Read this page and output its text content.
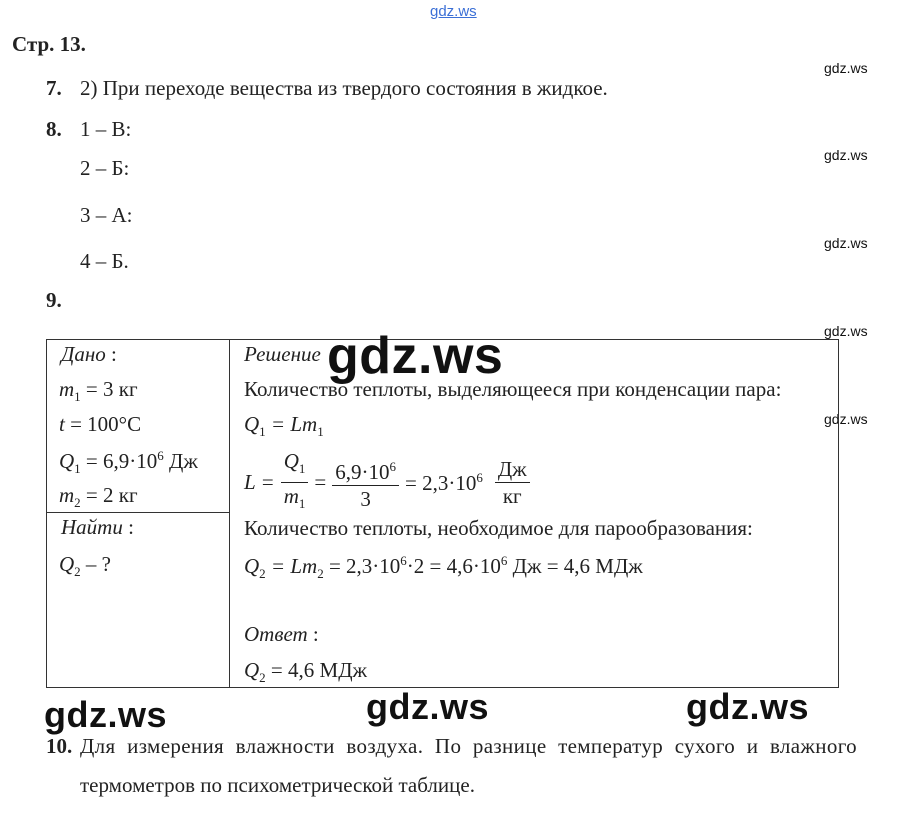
gdz.ws
gdz.ws
gdz.ws
gdz.ws
gdz.ws
gdz.ws
Стр. 13.
7. 2) При переходе вещества из твердого состояния в жидкое.
8. 1 – В:
2 – Б:
3 – А:
4 – Б.
9.
Дано :
$m_1 = 3$ кг
t = 100°С
$Q_1 = 6,9\cdot 10^6$ Дж
$m_2 = 2$ кг

Решение
Количество теплоты, выделяющееся при конденсации пара:
$Q_1 = Lm_1$
$L = \frac{Q_1}{m_1} = \frac{6,9\cdot 10^6}{3} = 2,3\cdot 10^6 \frac{Дж}{кг}$
Количество теплоты, необходимое для парообразования:
$Q_2 = Lm_2 = 2,3\cdot 10^6\cdot 2 = 4,6\cdot 10^6$ Дж = 4,6 МДж
Ответ :
$Q_2 = 4,6$ МДж

Найти :
$Q_2$ – ?
gdz.ws
gdz.ws	gdz.ws	gdz.ws
10. Для измерения влажности воздуха. По разнице температур сухого и влажного
термометров по психометрической таблице.
